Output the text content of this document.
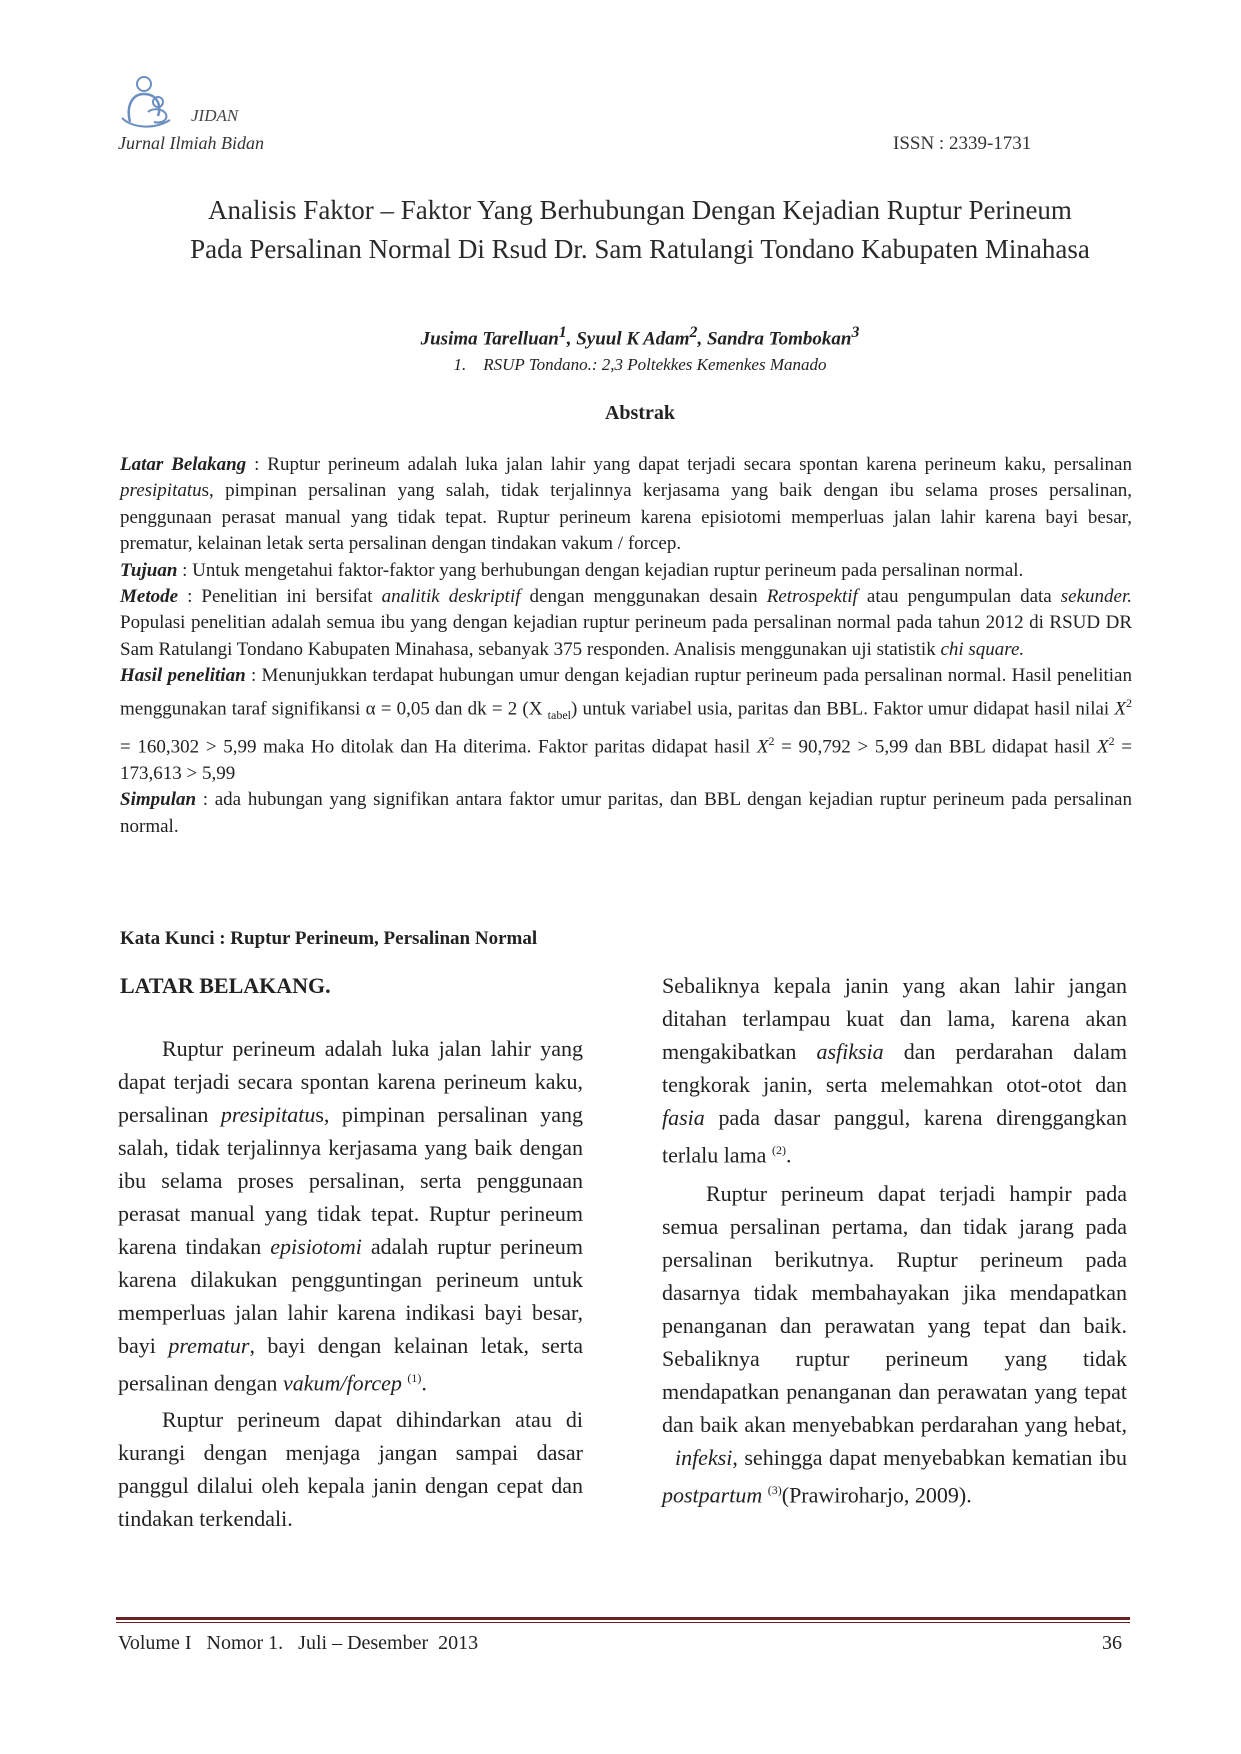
JIDAN
Jurnal Ilmiah Bidan	ISSN : 2339-1731
Analisis Faktor – Faktor Yang Berhubungan Dengan Kejadian Ruptur Perineum
Pada Persalinan Normal Di Rsud Dr. Sam Ratulangi Tondano Kabupaten Minahasa
Jusima Tarelluan$^1$, Syuul K Adam$^2$, Sandra Tombokan$^3$
1.    RSUP Tondano.: 2,3 Poltekkes Kemenkes Manado
Abstrak

Latar Belakang : Ruptur perineum adalah luka jalan lahir yang dapat terjadi secara spontan karena perineum kaku, persalinan presipitatus, pimpinan persalinan yang salah, tidak terjalinnya kerjasama yang baik dengan ibu selama proses persalinan, penggunaan perasat manual yang tidak tepat. Ruptur perineum karena episiotomi memperluas jalan lahir karena bayi besar, prematur, kelainan letak serta persalinan dengan tindakan vakum / forcep.

Tujuan : Untuk mengetahui faktor-faktor yang berhubungan dengan kejadian ruptur perineum pada persalinan normal.

Metode : Penelitian ini bersifat analitik deskriptif dengan menggunakan desain Retrospektif atau pengumpulan data sekunder. Populasi penelitian adalah semua ibu yang dengan kejadian ruptur perineum pada persalinan normal pada tahun 2012 di RSUD DR Sam Ratulangi Tondano Kabupaten Minahasa, sebanyak 375 responden. Analisis menggunakan uji statistik chi square.

Hasil penelitian : Menunjukkan terdapat hubungan umur dengan kejadian ruptur perineum pada persalinan normal. Hasil penelitian menggunakan taraf signifikansi α = 0,05 dan dk = 2 (X $_{tabel}$) untuk variabel usia, paritas dan BBL. Faktor umur didapat hasil nilai $X^2 = 160,302 > 5,99$ maka Ho ditolak dan Ha diterima. Faktor paritas didapat hasil $X^2 = 90,792 > 5,99$ dan BBL didapat hasil $X^2 = 173,613 > 5,99$

Simpulan : ada hubungan yang signifikan antara faktor umur paritas, dan BBL dengan kejadian ruptur perineum pada persalinan normal.

Kata Kunci : Ruptur Perineum, Persalinan Normal
LATAR BELAKANG.

Ruptur perineum adalah luka jalan lahir yang dapat terjadi secara spontan karena perineum kaku, persalinan presipitatus, pimpinan persalinan yang salah, tidak terjalinnya kerjasama yang baik dengan ibu selama proses persalinan, serta penggunaan perasat manual yang tidak tepat. Ruptur perineum karena tindakan episiotomi adalah ruptur perineum karena dilakukan pengguntingan perineum untuk memperluas jalan lahir karena indikasi bayi besar, bayi prematur, bayi dengan kelainan letak, serta persalinan dengan vakum/forcep $^{(1)}$.

Ruptur perineum dapat dihindarkan atau di kurangi dengan menjaga jangan sampai dasar panggul dilalui oleh kepala janin dengan cepat dan tindakan terkendali.

Sebaliknya kepala janin yang akan lahir jangan ditahan terlampau kuat dan lama, karena akan mengakibatkan asfiksia dan perdarahan dalam tengkorak janin, serta melemahkan otot-otot dan fasia pada dasar panggul, karena direnggangkan terlalu lama $^{(2)}$.

Ruptur perineum dapat terjadi hampir pada semua persalinan pertama, dan tidak jarang pada persalinan berikutnya. Ruptur perineum pada dasarnya tidak membahayakan jika mendapatkan penanganan dan perawatan yang tepat dan baik. Sebaliknya ruptur perineum yang tidak mendapatkan penanganan dan perawatan yang tepat dan baik akan menyebabkan perdarahan yang hebat,  infeksi, sehingga dapat menyebabkan kematian ibu postpartum $^{(3)}$(Prawiroharjo, 2009).

Volume I   Nomor 1.   Juli – Desember  2013	36
